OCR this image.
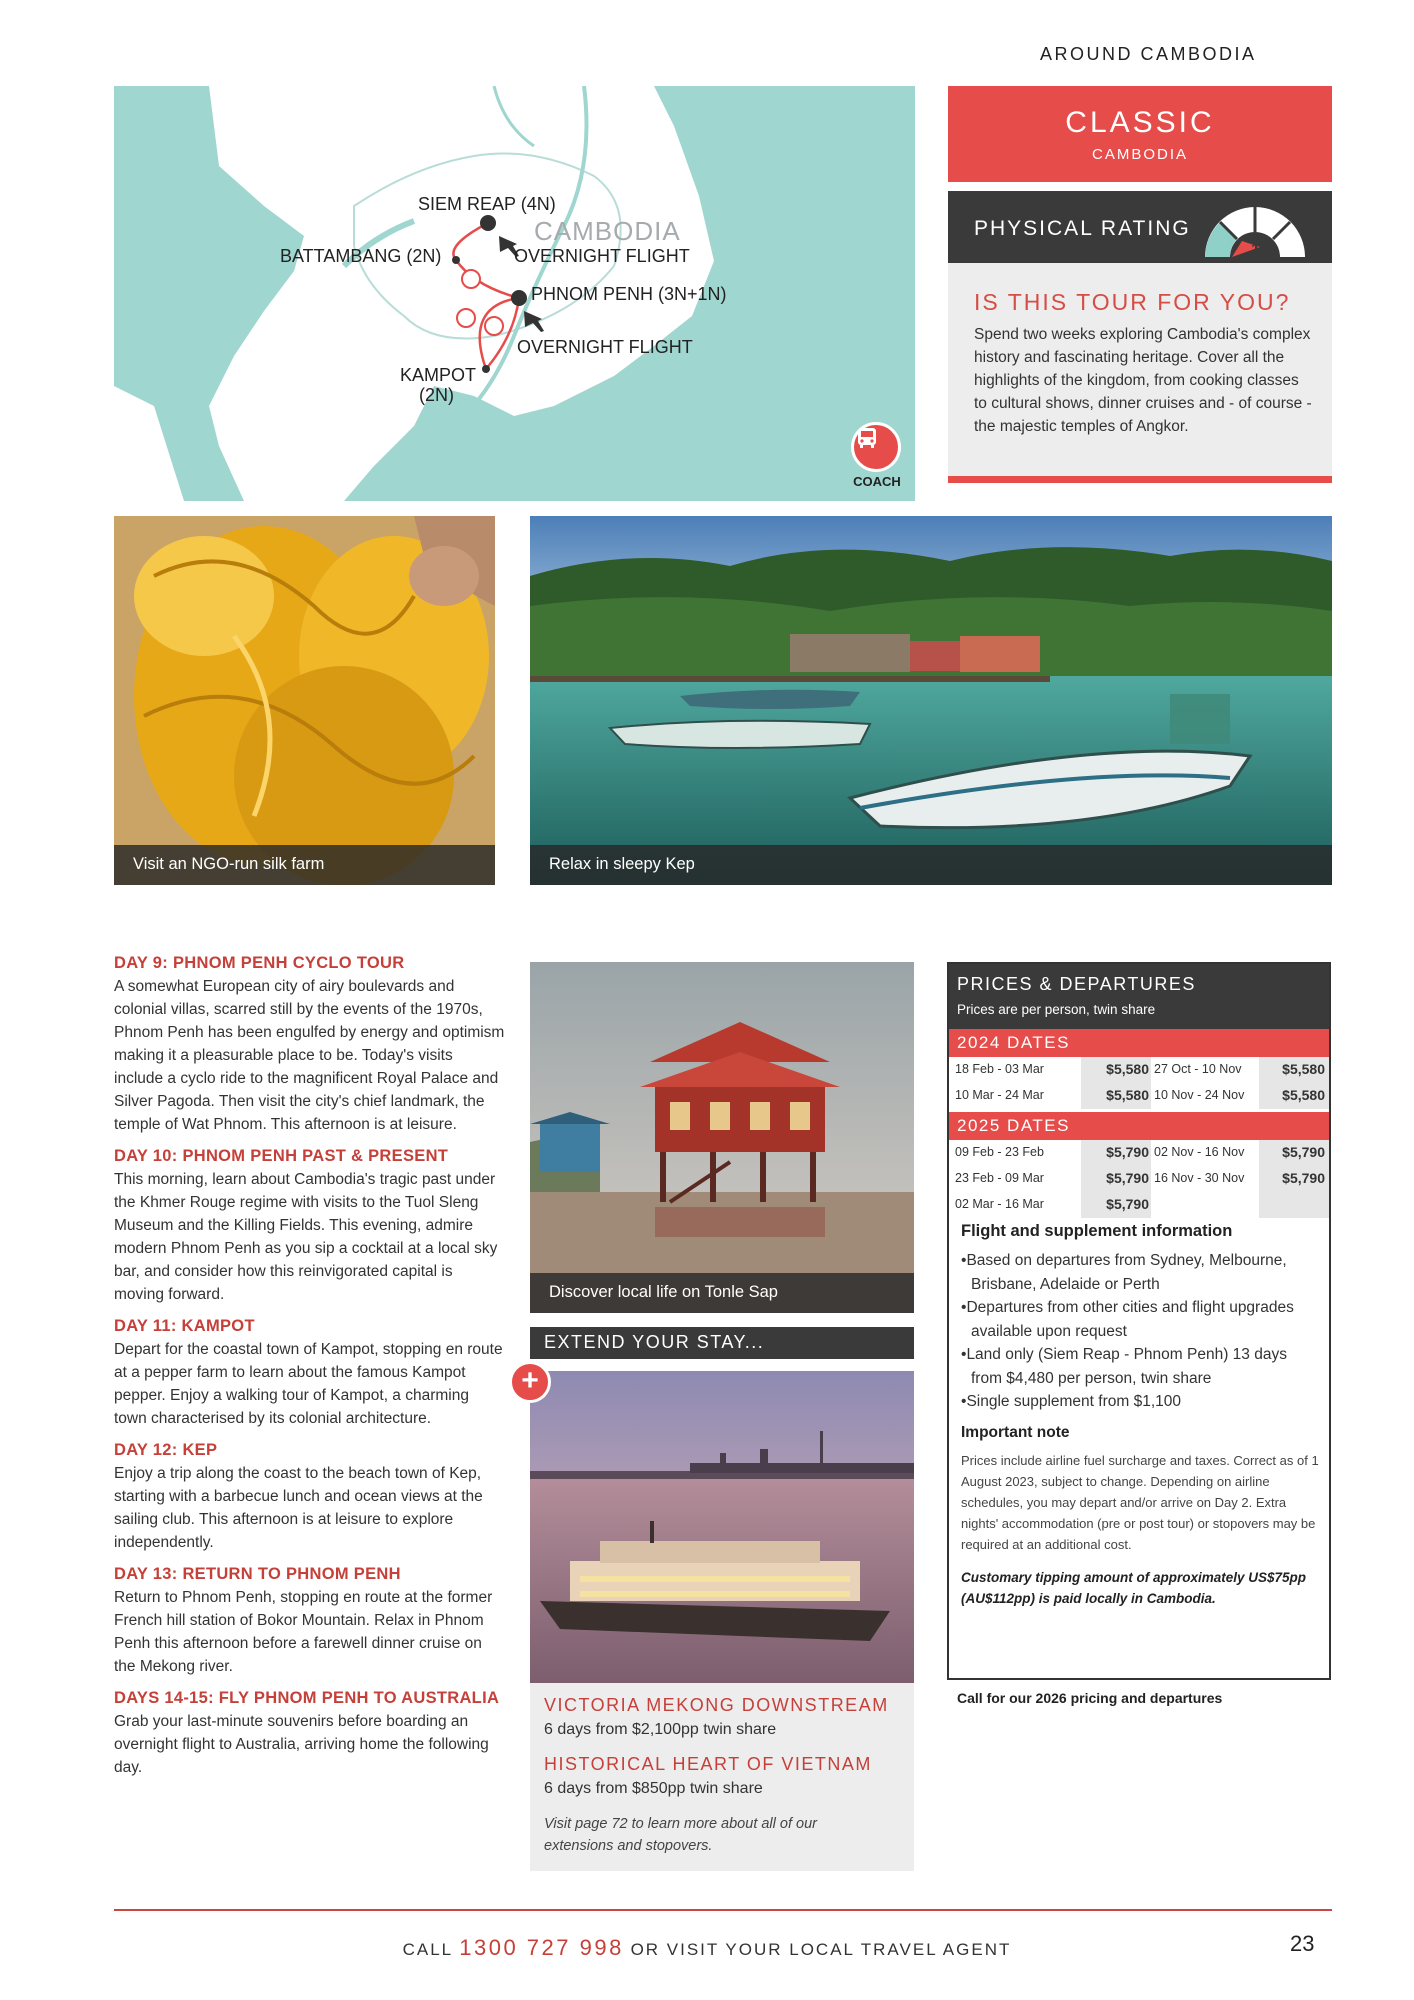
AROUND CAMBODIA
CAMBODIA
SIEM REAP (4N)
BATTAMBANG (2N)	OVERNIGHT FLIGHT
PHNOM PENH (3N+1N)
OVERNIGHT FLIGHT
KAMPOT
(2N)
COACH
CLASSIC
CAMBODIA
PHYSICAL RATING
1
IS THIS TOUR FOR YOU?
Spend two weeks exploring Cambodia's complex history and fascinating heritage. Cover all the highlights of the kingdom, from cooking classes to cultural shows, dinner cruises and - of course - the majestic temples of Angkor.
Visit an NGO-run silk farm	Relax in sleepy Kep
DAY 9: PHNOM PENH CYCLO TOUR
A somewhat European city of airy boulevards and colonial villas, scarred still by the events of the 1970s, Phnom Penh has been engulfed by energy and optimism making it a pleasurable place to be. Today's visits include a cyclo ride to the magnificent Royal Palace and Silver Pagoda. Then visit the city's chief landmark, the temple of Wat Phnom. This afternoon is at leisure.
DAY 10: PHNOM PENH PAST & PRESENT
This morning, learn about Cambodia's tragic past under the Khmer Rouge regime with visits to the Tuol Sleng Museum and the Killing Fields. This evening, admire modern Phnom Penh as you sip a cocktail at a local sky bar, and consider how this reinvigorated capital is moving forward.
DAY 11: KAMPOT
Depart for the coastal town of Kampot, stopping en route at a pepper farm to learn about the famous Kampot pepper. Enjoy a walking tour of Kampot, a charming town characterised by its colonial architecture.
DAY 12: KEP
Enjoy a trip along the coast to the beach town of Kep, starting with a barbecue lunch and ocean views at the sailing club. This afternoon is at leisure to explore independently.
DAY 13: RETURN TO PHNOM PENH
Return to Phnom Penh, stopping en route at the former French hill station of Bokor Mountain. Relax in Phnom Penh this afternoon before a farewell dinner cruise on the Mekong river.
DAYS 14-15: FLY PHNOM PENH TO AUSTRALIA
Grab your last-minute souvenirs before boarding an overnight flight to Australia, arriving home the following day.
Discover local life on Tonle Sap
EXTEND YOUR STAY...
+
VICTORIA MEKONG DOWNSTREAM
6 days from $2,100pp twin share
HISTORICAL HEART OF VIETNAM
6 days from $850pp twin share
Visit page 72 to learn more about all of our extensions and stopovers.
PRICES & DEPARTURES
Prices are per person, twin share
2024 DATES
18 Feb - 03 Mar	$5,580 27 Oct - 10 Nov	$5,580
10 Mar - 24 Mar	$5,580 10 Nov - 24 Nov	$5,580
2025 DATES
09 Feb - 23 Feb	$5,790 02 Nov - 16 Nov	$5,790
23 Feb - 09 Mar	$5,790 16 Nov - 30 Nov	$5,790
02 Mar - 16 Mar	$5,790
Flight and supplement information
• Based on departures from Sydney, Melbourne, Brisbane, Adelaide or Perth
• Departures from other cities and flight upgrades available upon request
• Land only (Siem Reap - Phnom Penh) 13 days from $4,480 per person, twin share
• Single supplement from $1,100
Important note
Prices include airline fuel surcharge and taxes. Correct as of 1 August 2023, subject to change. Depending on airline schedules, you may depart and/or arrive on Day 2. Extra nights' accommodation (pre or post tour) or stopovers may be required at an additional cost.
Customary tipping amount of approximately US$75pp (AU$112pp) is paid locally in Cambodia.
Call for our 2026 pricing and departures
CALL 1300 727 998 OR VISIT YOUR LOCAL TRAVEL AGENT	23
